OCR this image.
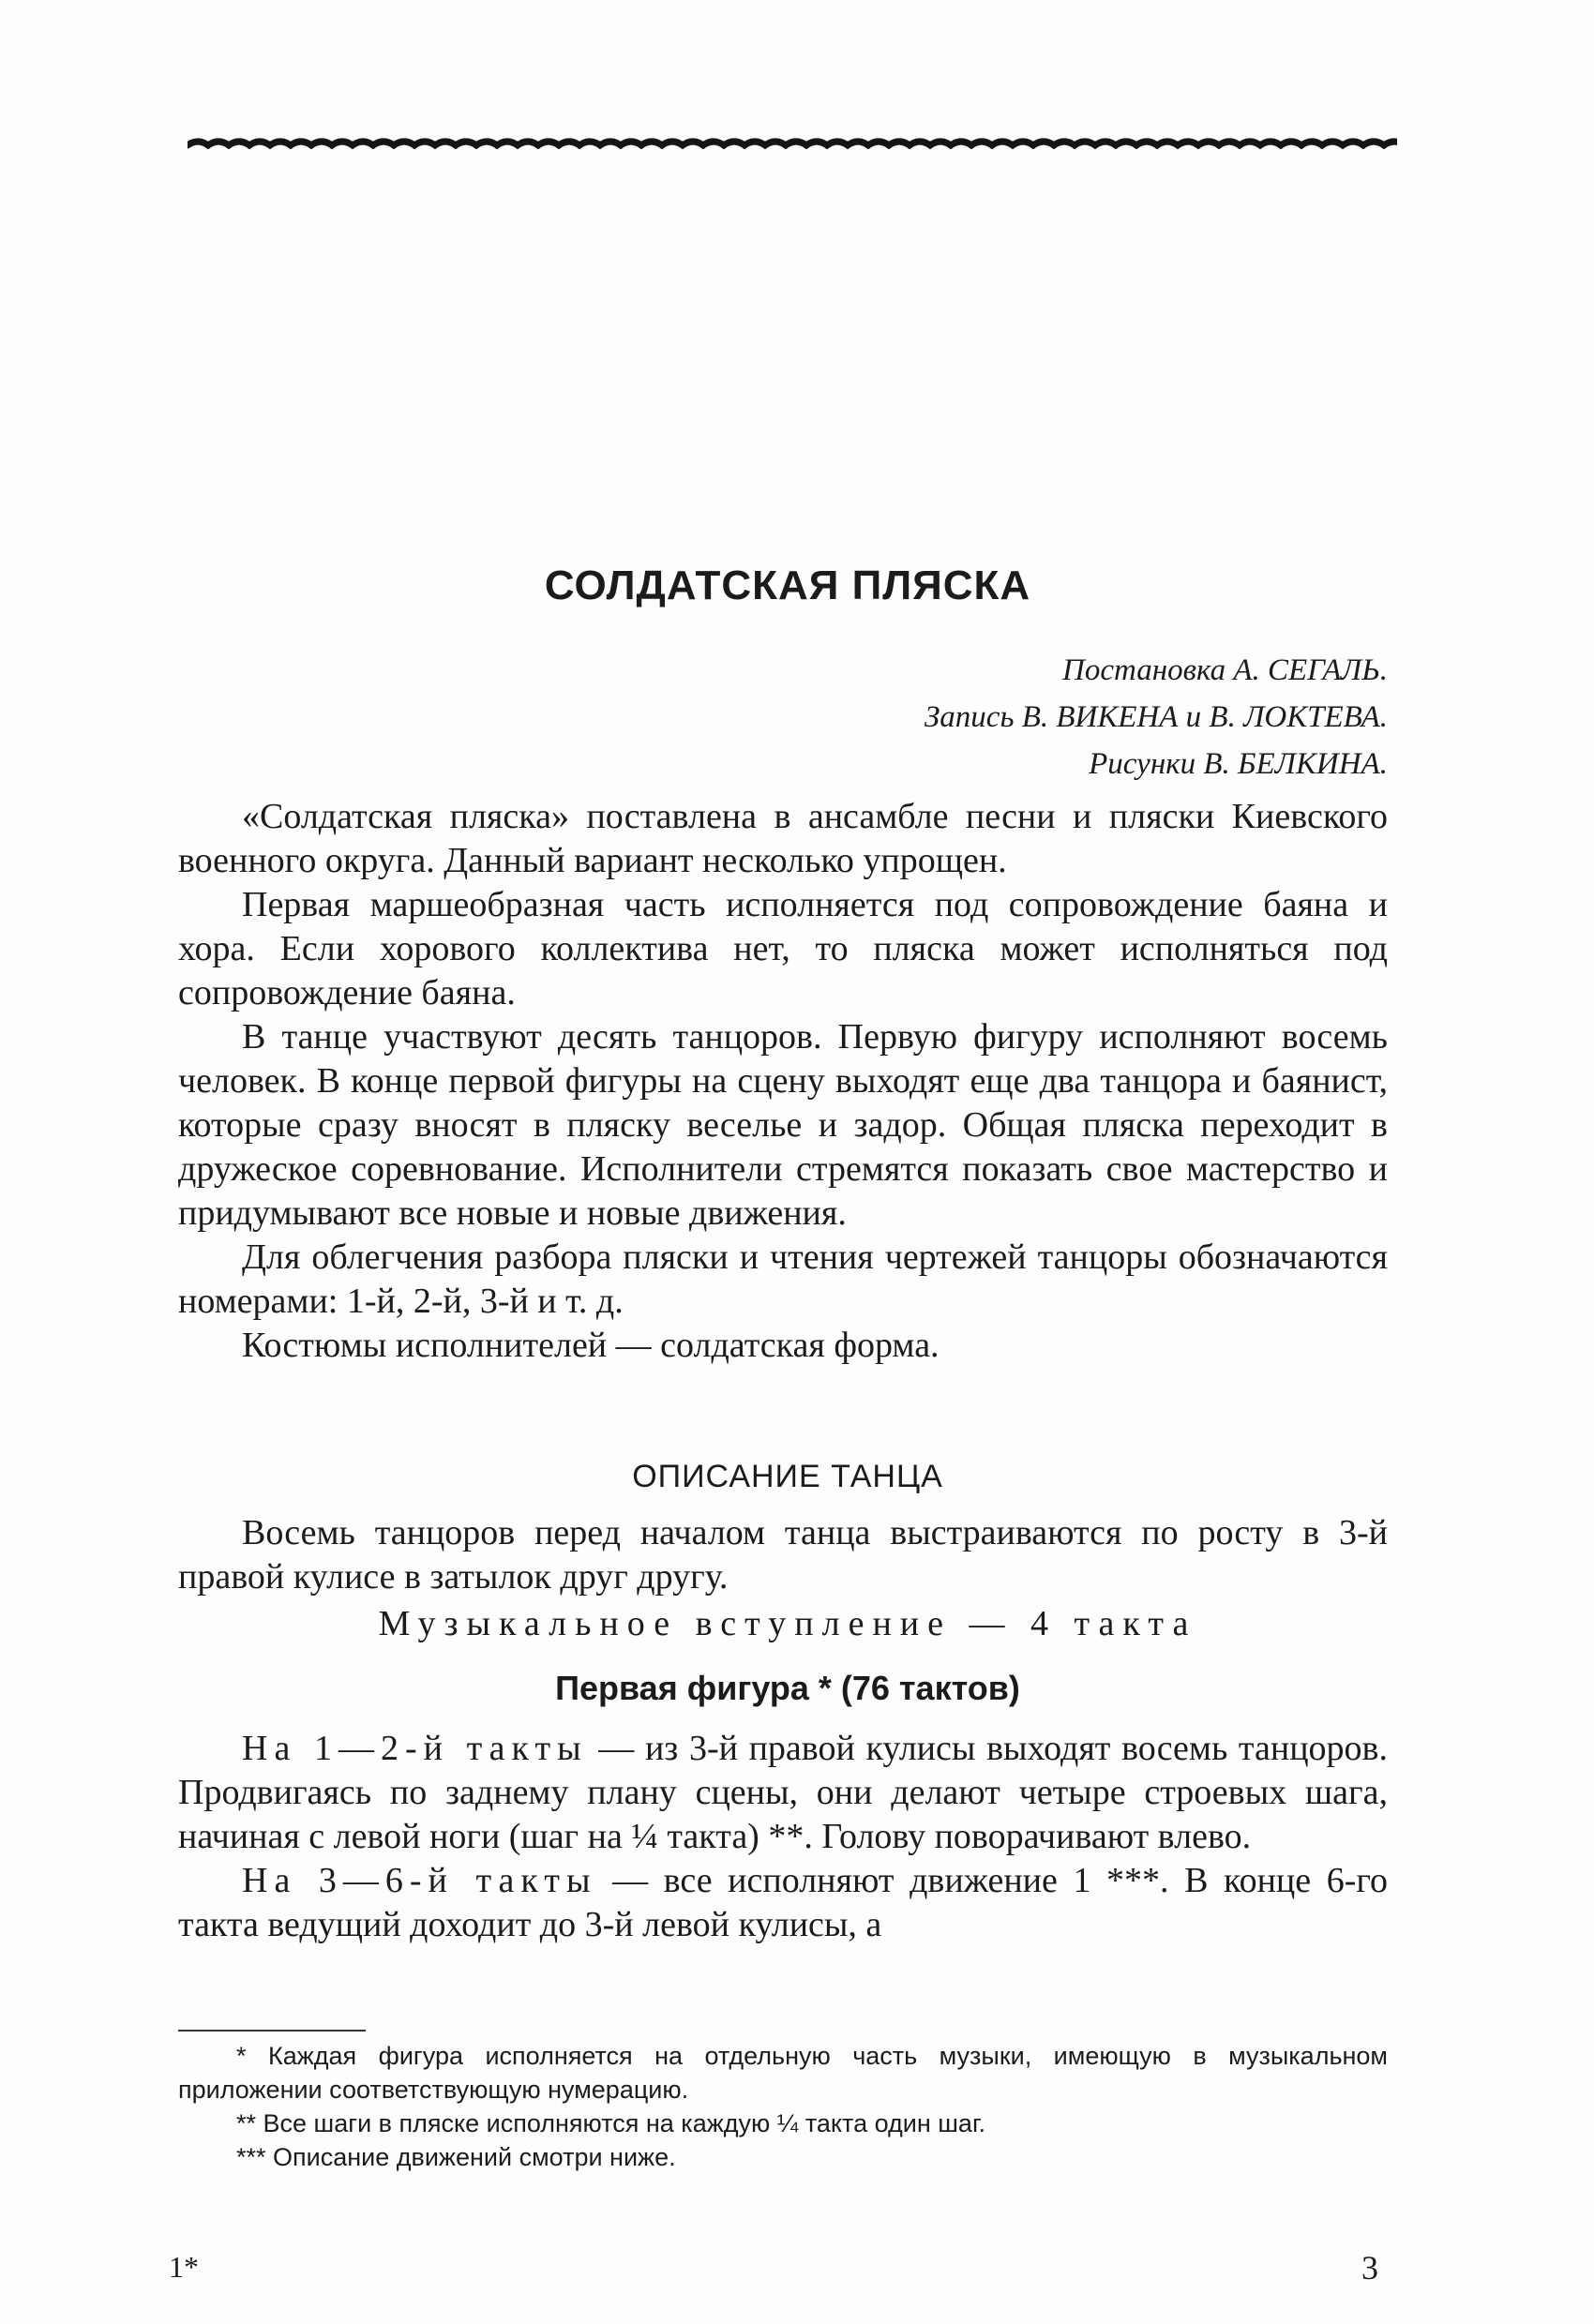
СОЛДАТСКАЯ ПЛЯСКА
Постановка А. СЕГАЛЬ.
Запись В. ВИКЕНА и В. ЛОКТЕВА.
Рисунки В. БЕЛКИНА.

«Солдатская пляска» поставлена в ансамбле песни и пляски Киевского военного округа. Данный вариант несколько упрощен.

Первая маршеобразная часть исполняется под сопровождение баяна и хора. Если хорового коллектива нет, то пляска может исполняться под сопровождение баяна.

В танце участвуют десять танцоров. Первую фигуру исполняют восемь человек. В конце первой фигуры на сцену выходят еще два танцора и баянист, которые сразу вносят в пляску веселье и задор. Общая пляска переходит в дружеское соревнование. Исполнители стремятся показать свое мастерство и придумывают все новые и новые движения.

Для облегчения разбора пляски и чтения чертежей танцоры обозначаются номерами: 1-й, 2-й, 3-й и т. д.

Костюмы исполнителей — солдатская форма.

ОПИСАНИЕ ТАНЦА

Восемь танцоров перед началом танца выстраиваются по росту в 3-й правой кулисе в затылок друг другу.

Музыкальное вступление — 4 такта
Первая фигура * (76 тактов)

На 1—2-й такты — из 3-й правой кулисы выходят восемь танцоров. Продвигаясь по заднему плану сцены, они делают четыре строевых шага, начиная с левой ноги (шаг на ¼ такта) **. Голову поворачивают влево.

На 3—6-й такты — все исполняют движение 1 ***. В конце 6-го такта ведущий доходит до 3-й левой кулисы, а

* Каждая фигура исполняется на отдельную часть музыки, имеющую в музыкальном приложении соответствующую нумерацию.

** Все шаги в пляске исполняются на каждую ¼ такта один шаг.

*** Описание движений смотри ниже.

1*	3
